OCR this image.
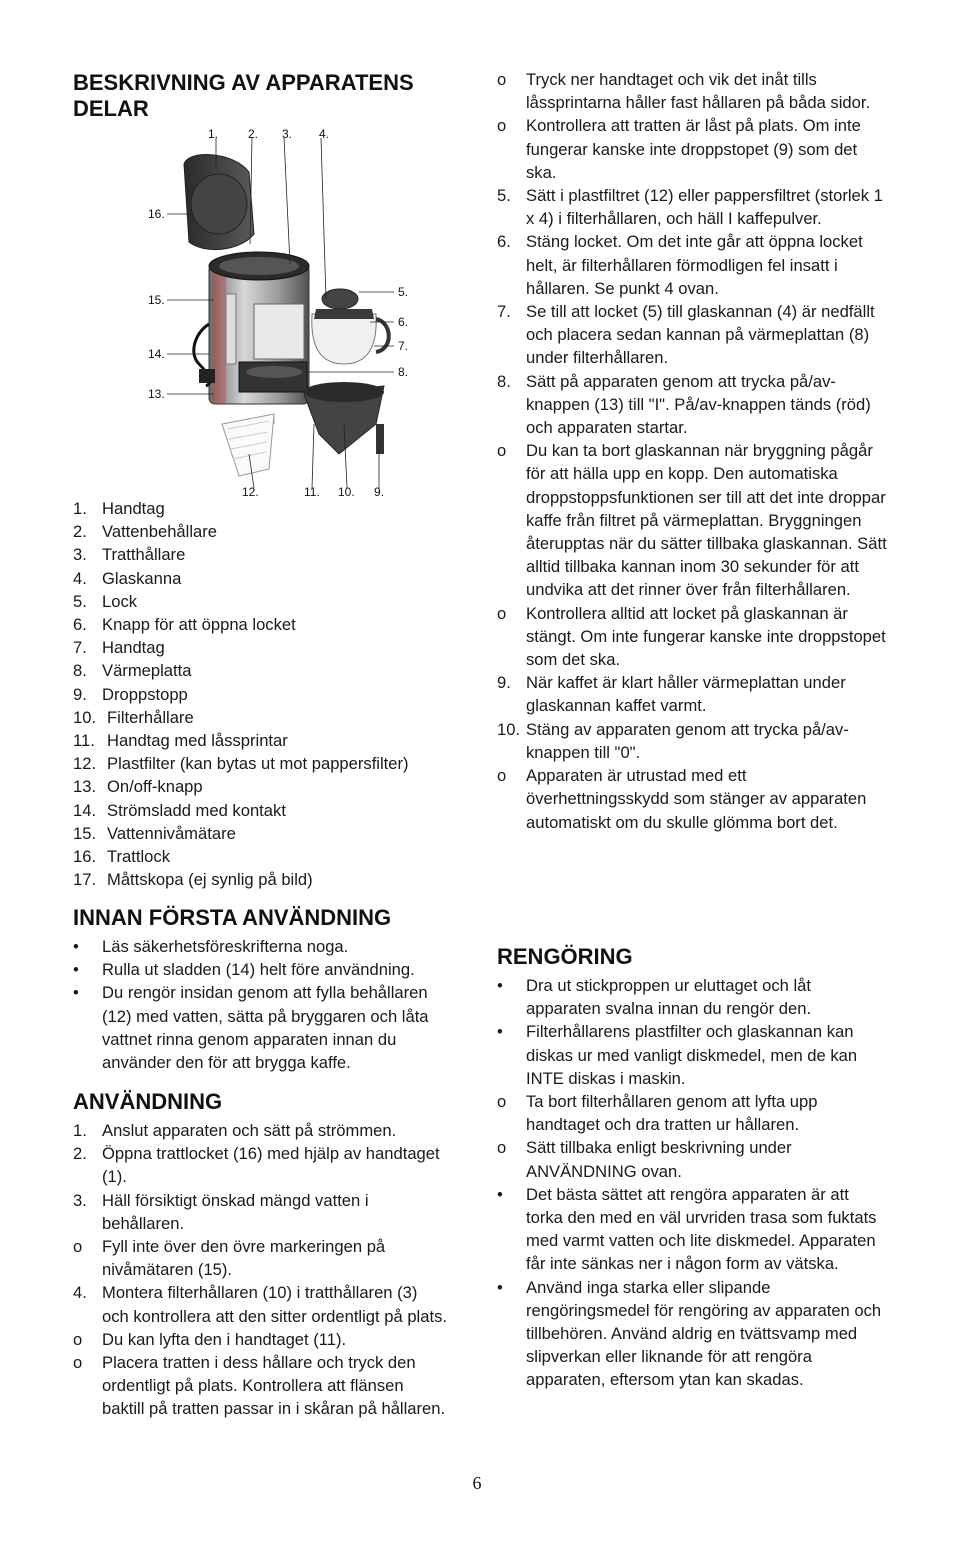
BESKRIVNING AV APPARATENS DELAR
1. Handtag
2. Vattenbehållare
3. Tratthållare
4. Glaskanna
5. Lock
6. Knapp för att öppna locket
7. Handtag
8. Värmeplatta
9. Droppstopp
10. Filterhållare
11. Handtag med låssprintar
12. Plastfilter (kan bytas ut mot pappersfilter)
13. On/off-knapp
14. Strömsladd med kontakt
15. Vattennivåmätare
16. Trattlock
17. Måttskopa (ej synlig på bild)
INNAN FÖRSTA ANVÄNDNING
• Läs säkerhetsföreskrifterna noga.
• Rulla ut sladden (14) helt före användning.
• Du rengör insidan genom att fylla behållaren (12) med vatten, sätta på bryggaren och låta vattnet rinna genom apparaten innan du använder den för att brygga kaffe.
ANVÄNDNING
1. Anslut apparaten och sätt på strömmen.
2. Öppna trattlocket (16) med hjälp av handtaget (1).
3. Häll försiktigt önskad mängd vatten i behållaren.
o Fyll inte över den övre markeringen på nivåmätaren (15).
4. Montera filterhållaren (10) i tratthållaren (3) och kontrollera att den sitter ordentligt på plats.
o Du kan lyfta den i handtaget (11).
o Placera tratten i dess hållare och tryck den ordentligt på plats. Kontrollera att flänsen baktill på tratten passar in i skåran på hållaren.
1. 2. 3. 4.
5.
6.
7.
8.
9.
10.
11.
12.
13.
14.
15.
16.
o Tryck ner handtaget och vik det inåt tills låssprintarna håller fast hållaren på båda sidor.
o Kontrollera att tratten är låst på plats. Om inte fungerar kanske inte droppstopet (9) som det ska.
5. Sätt i plastfiltret (12) eller pappersfiltret (storlek 1 x 4) i filterhållaren, och häll I kaffepulver.
6. Stäng locket. Om det inte går att öppna locket helt, är filterhållaren förmodligen fel insatt i hållaren. Se punkt 4 ovan.
7. Se till att locket (5) till glaskannan (4) är nedfällt och placera sedan kannan på värmeplattan (8) under filterhållaren.
8. Sätt på apparaten genom att trycka på/av-knappen (13) till "I". På/av-knappen tänds (röd) och apparaten startar.
o Du kan ta bort glaskannan när bryggning pågår för att hälla upp en kopp. Den automatiska droppstoppsfunktionen ser till att det inte droppar kaffe från filtret på värmeplattan. Bryggningen återupptas när du sätter tillbaka glaskannan. Sätt alltid tillbaka kannan inom 30 sekunder för att undvika att det rinner över från filterhållaren.
o Kontrollera alltid att locket på glaskannan är stängt. Om inte fungerar kanske inte droppstopet som det ska.
9. När kaffet är klart håller värmeplattan under glaskannan kaffet varmt.
10. Stäng av apparaten genom att trycka på/av-knappen till "0".
o Apparaten är utrustad med ett överhettningsskydd som stänger av apparaten automatiskt om du skulle glömma bort det.
RENGÖRING
• Dra ut stickproppen ur eluttaget och låt apparaten svalna innan du rengör den.
• Filterhållarens plastfilter och glaskannan kan diskas ur med vanligt diskmedel, men de kan INTE diskas i maskin.
o Ta bort filterhållaren genom att lyfta upp handtaget och dra tratten ur hållaren.
o Sätt tillbaka enligt beskrivning under ANVÄNDNING ovan.
• Det bästa sättet att rengöra apparaten är att torka den med en väl urvriden trasa som fuktats med varmt vatten och lite diskmedel. Apparaten får inte sänkas ner i någon form av vätska.
• Använd inga starka eller slipande rengöringsmedel för rengöring av apparaten och tillbehören. Använd aldrig en tvättsvamp med slipverkan eller liknande för att rengöra apparaten, eftersom ytan kan skadas.
6
